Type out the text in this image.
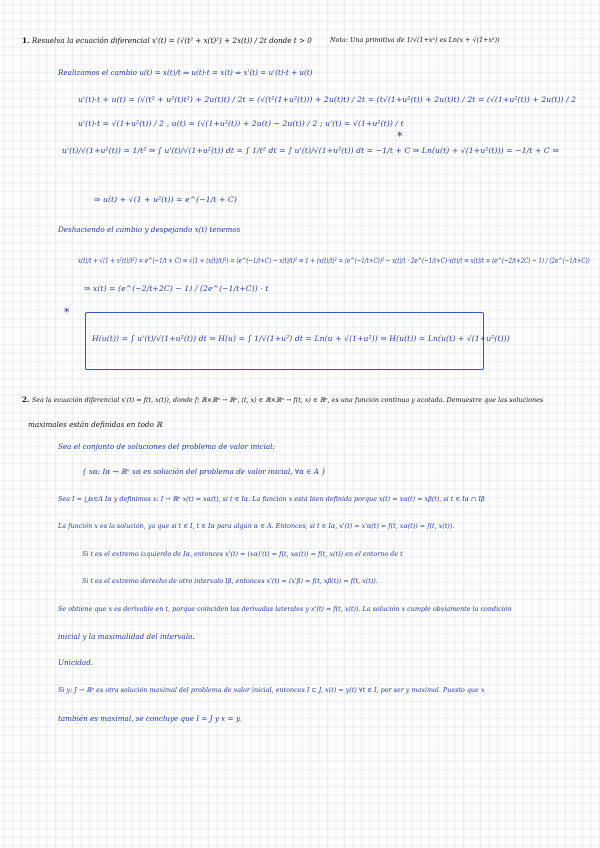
1. Resuelva la ecuación diferencial x'(t) = (√(t² + x(t)²) + 2x(t)) / 2t donde t > 0	Nota: Una primitiva de 1/√(1+x²) es Ln(x + √(1+x²))
Realizamos el cambio u(t) = x(t)/t ⇒ u(t)·t = x(t) ⇒ x'(t) = u'(t)·t + u(t)
u'(t)·t + u(t) = (√(t² + u²(t)t²) + 2u(t)t) / 2t = (√(t²(1+u²(t))) + 2u(t)t) / 2t = (t√(1+u²(t)) + 2u(t)t) / 2t = (√(1+u²(t)) + 2u(t)) / 2
u'(t)·t = √(1+u²(t)) / 2 , u(t) = (√(1+u²(t)) + 2u(t) − 2u(t)) / 2 ; u'(t) = √(1+u²(t)) / t
u'(t)/√(1+u²(t)) = 1/t² ⇒ ∫ u'(t)/√(1+u²(t)) dt = ∫ 1/t² dt = ∫ u'(t)/√(1+u²(t)) dt = −1/t + C ⇒ Ln(u(t) + √(1+u²(t))) = −1/t + C ⇒
*
⇒ u(t) + √(1 + u²(t)) = e^(−1/t + C)
Deshaciendo el cambio y despejando x(t) tenemos
x(t)/t + √(1 + x²(t)/t²) = e^(−1/t + C) ⇒ √(1 + (x(t)/t)²) = (e^(−1/t+C) − x(t)/t)² ⇒ 1 + (x(t)/t)² = (e^(−1/t+C))² − x(t)/t · 2e^(−1/t+C)·x(t)/t ⇒ x(t)/t = (e^(−2/t+2C) − 1) / (2e^(−1/t+C))
⇒ x(t) = (e^(−2/t+2C) − 1) / (2e^(−1/t+C)) · t
*
H(u(t)) = ∫ u'(t)/√(1+u²(t)) dt ⇒ H(u) = ∫ 1/√(1+u²) dt = Ln(u + √(1+u²)) ⇒ H(u(t)) = Ln(u(t) + √(1+u²(t)))
2. Sea la ecuación diferencial x'(t) = f(t, x(t)), donde f: ℝ×ℝⁿ → ℝⁿ, (t, x) ∈ ℝ×ℝⁿ → f(t, x) ∈ ℝⁿ, es una función continua y acotada. Demuestre que las soluciones
maximales están definidas en todo ℝ
Sea el conjunto de soluciones del problema de valor inicial:
{ xα: Iα → ℝⁿ xα es solución del problema de valor inicial, ∀α ∈ A }
Sea I = ⋃α∈A Iα y definimos x: I → ℝⁿ x(t) = xα(t), si t ∈ Iα. La función x está bien definida porque x(t) = xα(t) = xβ(t), si t ∈ Iα ∩ Iβ
La función x es la solución, ya que si t ∈ I, t ∈ Iα para algún α ∈ A. Entonces, si t ∈ Iα, x'(t) = x'α(t) = f(t, xα(t)) = f(t, x(t)).
Si t es el extremo izquierdo de Iα, entonces x'(t) = (xα)'(t) = f(t, xα(t)) = f(t, x(t)) en el entorno de t
Si t es el extremo derecho de otro intervalo Iβ, entonces x'(t) = (x'β) = f(t, xβ(t)) = f(t, x(t)).
Se obtiene que x es derivable en t, porque coinciden las derivadas laterales y x'(t) = f(t, x(t)). La solución x cumple obviamente la condición
inicial y la maximalidad del intervalo.
Unicidad.
Si y: J → ℝⁿ es otra solución maximal del problema de valor inicial, entonces I ⊂ J, x(t) = y(t) ∀t ∈ I, por ser y maximal. Puesto que x
también es maximal, se concluye que I = J y x = y.
